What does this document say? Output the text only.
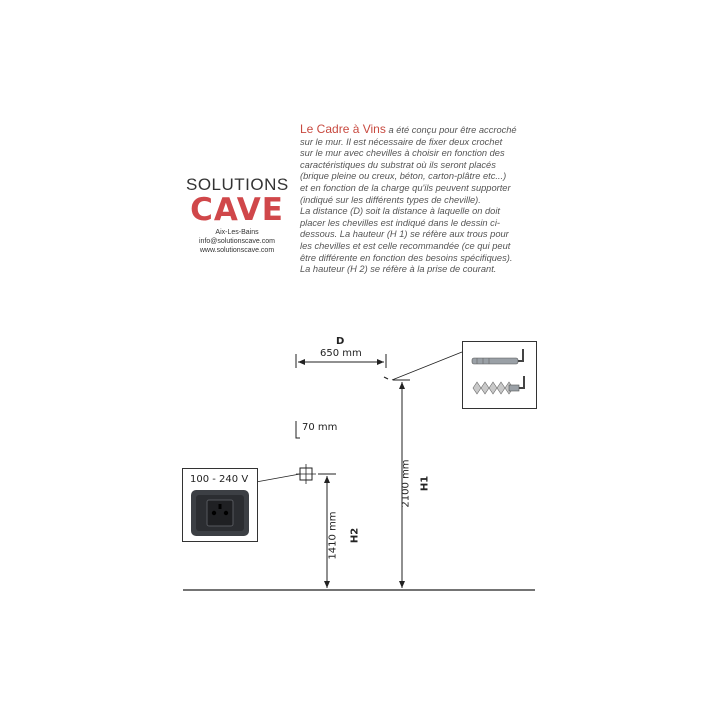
SOLUTIONS
CAVE
Aix-Les-Bains
info@solutionscave.com
www.solutionscave.com
Le Cadre à Vins a été conçu pour être accroché
sur le mur. Il est nécessaire de fixer deux crochet
sur le mur avec chevilles à choisir en fonction des
caractéristiques du substrat où ils seront placés
(brique pleine ou creux, béton, carton-plâtre etc...)
et en fonction de la charge qu'ils peuvent supporter
(indiqué sur les différents types de cheville).
La distance (D) soit la distance à laquelle on doit
placer les chevilles est indiqué dans le dessin ci-
dessous. La hauteur (H 1) se réfère aux trous pour
les chevilles et est celle recommandée (ce qui peut
être différente en fonction des besoins spécifiques).
La hauteur (H 2) se réfère à la prise de courant.
D
650 mm
70 mm
2100 mm H1
1410 mm H2
100 - 240 V
